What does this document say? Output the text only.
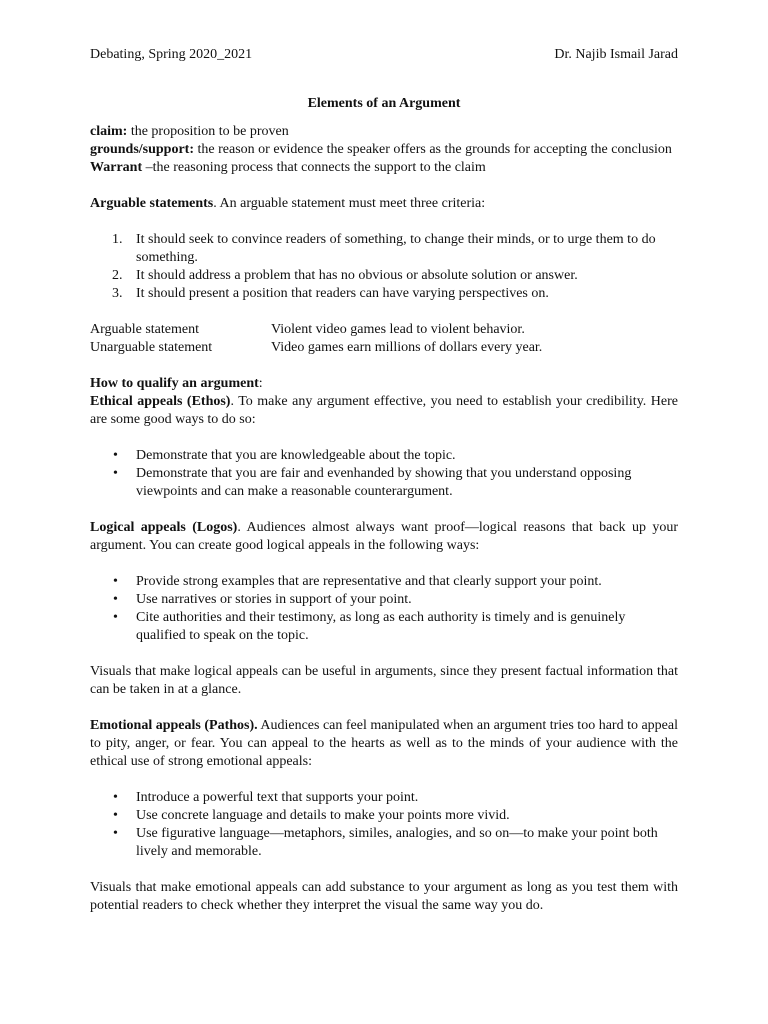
Debating, Spring 2020_2021	Dr. Najib Ismail Jarad
Elements of an Argument

claim: the proposition to be proven

grounds/support: the reason or evidence the speaker offers as the grounds for accepting the conclusion

Warrant –the reasoning process that connects the support to the claim

Arguable statements. An arguable statement must meet three criteria:

1. It should seek to convince readers of something, to change their minds, or to urge them to do something.
2. It should address a problem that has no obvious or absolute solution or answer.
3. It should present a position that readers can have varying perspectives on.
Arguable statement	Violent video games lead to violent behavior.
Unarguable statement	Video games earn millions of dollars every year.

How to qualify an argument:

Ethical appeals (Ethos). To make any argument effective, you need to establish your credibility. Here are some good ways to do so:

• Demonstrate that you are knowledgeable about the topic.
• Demonstrate that you are fair and evenhanded by showing that you understand opposing viewpoints and can make a reasonable counterargument.

Logical appeals (Logos). Audiences almost always want proof—logical reasons that back up your argument. You can create good logical appeals in the following ways:

• Provide strong examples that are representative and that clearly support your point.
• Use narratives or stories in support of your point.
• Cite authorities and their testimony, as long as each authority is timely and is genuinely qualified to speak on the topic.

Visuals that make logical appeals can be useful in arguments, since they present factual information that can be taken in at a glance.

Emotional appeals (Pathos). Audiences can feel manipulated when an argument tries too hard to appeal to pity, anger, or fear. You can appeal to the hearts as well as to the minds of your audience with the ethical use of strong emotional appeals:

• Introduce a powerful text that supports your point.
• Use concrete language and details to make your points more vivid.
• Use figurative language—metaphors, similes, analogies, and so on—to make your point both lively and memorable.

Visuals that make emotional appeals can add substance to your argument as long as you test them with potential readers to check whether they interpret the visual the same way you do.
